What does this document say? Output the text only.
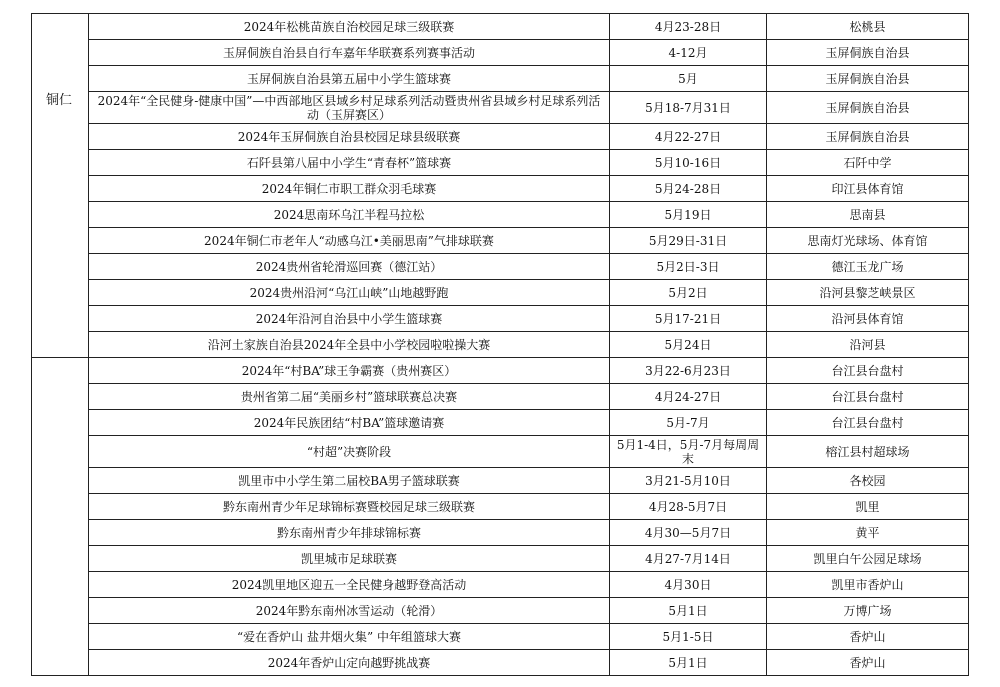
铜仁	2024年松桃苗族自治校园足球三级联赛	4月23-28日	松桃县
	玉屏侗族自治县自行车嘉年华联赛系列赛事活动	4-12月	玉屏侗族自治县
	玉屏侗族自治县第五届中小学生篮球赛	5月	玉屏侗族自治县
	2024年“全民健身-健康中国”—中西部地区县域乡村足球系列活动暨贵州省县域乡村足球系列活动（玉屏赛区）	5月18-7月31日	玉屏侗族自治县
	2024年玉屏侗族自治县校园足球县级联赛	4月22-27日	玉屏侗族自治县
	石阡县第八届中小学生“青春杯”篮球赛	5月10-16日	石阡中学
	2024年铜仁市职工群众羽毛球赛	5月24-28日	印江县体育馆
	2024思南环乌江半程马拉松	5月19日	思南县
	2024年铜仁市老年人“动感乌江•美丽思南”气排球联赛	5月29日-31日	思南灯光球场、体育馆
	2024贵州省轮滑巡回赛（德江站）	5月2日-3日	德江玉龙广场
	2024贵州沿河“乌江山峡”山地越野跑	5月2日	沿河县黎芝峡景区
	2024年沿河自治县中小学生篮球赛	5月17-21日	沿河县体育馆
	沿河土家族自治县2024年全县中小学校园啦啦操大赛	5月24日	沿河县
	2024年“村BA”球王争霸赛（贵州赛区）	3月22-6月23日	台江县台盘村
	贵州省第二届“美丽乡村”篮球联赛总决赛	4月24-27日	台江县台盘村
	2024年民族团结“村BA”篮球邀请赛	5月-7月	台江县台盘村
	“村超”决赛阶段	5月1-4日，5月-7月每周周末	榕江县村超球场
	凯里市中小学生第二届校BA男子篮球联赛	3月21-5月10日	各校园
	黔东南州青少年足球锦标赛暨校园足球三级联赛	4月28-5月7日	凯里
	黔东南州青少年排球锦标赛	4月30—5月7日	黄平
	凯里城市足球联赛	4月27-7月14日	凯里白午公园足球场
	2024凯里地区迎五一全民健身越野登高活动	4月30日	凯里市香炉山
	2024年黔东南州冰雪运动（轮滑）	5月1日	万博广场
	“爱在香炉山 盐井烟火集” 中年组篮球大赛	5月1-5日	香炉山
	2024年香炉山定向越野挑战赛	5月1日	香炉山
